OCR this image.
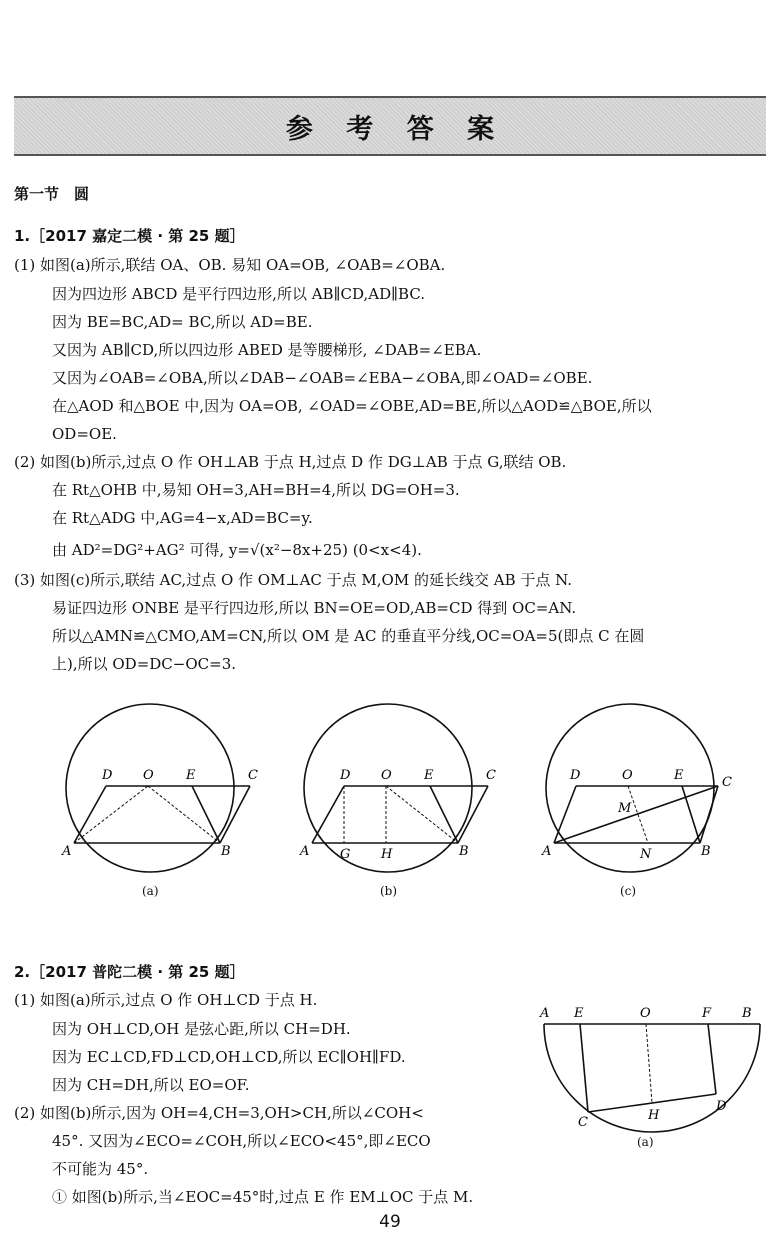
参 考 答 案
第一节　圆
1.［2017 嘉定二模 · 第 25 题］
(1) 如图(a)所示,联结 OA、OB. 易知 OA=OB, ∠OAB=∠OBA.
因为四边形 ABCD 是平行四边形,所以 AB∥CD,AD∥BC.
因为 BE=BC,AD= BC,所以 AD=BE.
又因为 AB∥CD,所以四边形 ABED 是等腰梯形, ∠DAB=∠EBA.
又因为∠OAB=∠OBA,所以∠DAB−∠OAB=∠EBA−∠OBA,即∠OAD=∠OBE.
在△AOD 和△BOE 中,因为 OA=OB, ∠OAD=∠OBE,AD=BE,所以△AOD≌△BOE,所以
OD=OE.
(2) 如图(b)所示,过点 O 作 OH⊥AB 于点 H,过点 D 作 DG⊥AB 于点 G,联结 OB.
在 Rt△OHB 中,易知 OH=3,AH=BH=4,所以 DG=OH=3.
在 Rt△ADG 中,AG=4−x,AD=BC=y.
由 AD²=DG²+AG² 可得, y=√(x²−8x+25) (0<x<4).
(3) 如图(c)所示,联结 AC,过点 O 作 OM⊥AC 于点 M,OM 的延长线交 AB 于点 N.
易证四边形 ONBE 是平行四边形,所以 BN=OE=OD,AB=CD 得到 OC=AN.
所以△AMN≌△CMO,AM=CN,所以 OM 是 AC 的垂直平分线,OC=OA=5(即点 C 在圆
上),所以 OD=DC−OC=3.
D O E	C
A	B
(a)
D O E	C
A G H	B
(b)
D	O	E	C
M
A	N	B
(c)
2.［2017 普陀二模 · 第 25 题］
(1) 如图(a)所示,过点 O 作 OH⊥CD 于点 H.
因为 OH⊥CD,OH 是弦心距,所以 CH=DH.
因为 EC⊥CD,FD⊥CD,OH⊥CD,所以 EC∥OH∥FD.
因为 CH=DH,所以 EO=OF.
(2) 如图(b)所示,因为 OH=4,CH=3,OH>CH,所以∠COH<
45°. 又因为∠ECO=∠COH,所以∠ECO<45°,即∠ECO
不可能为 45°.
① 如图(b)所示,当∠EOC=45°时,过点 E 作 EM⊥OC 于点 M.
A E	O	F B
C	H
D
(a)
49
